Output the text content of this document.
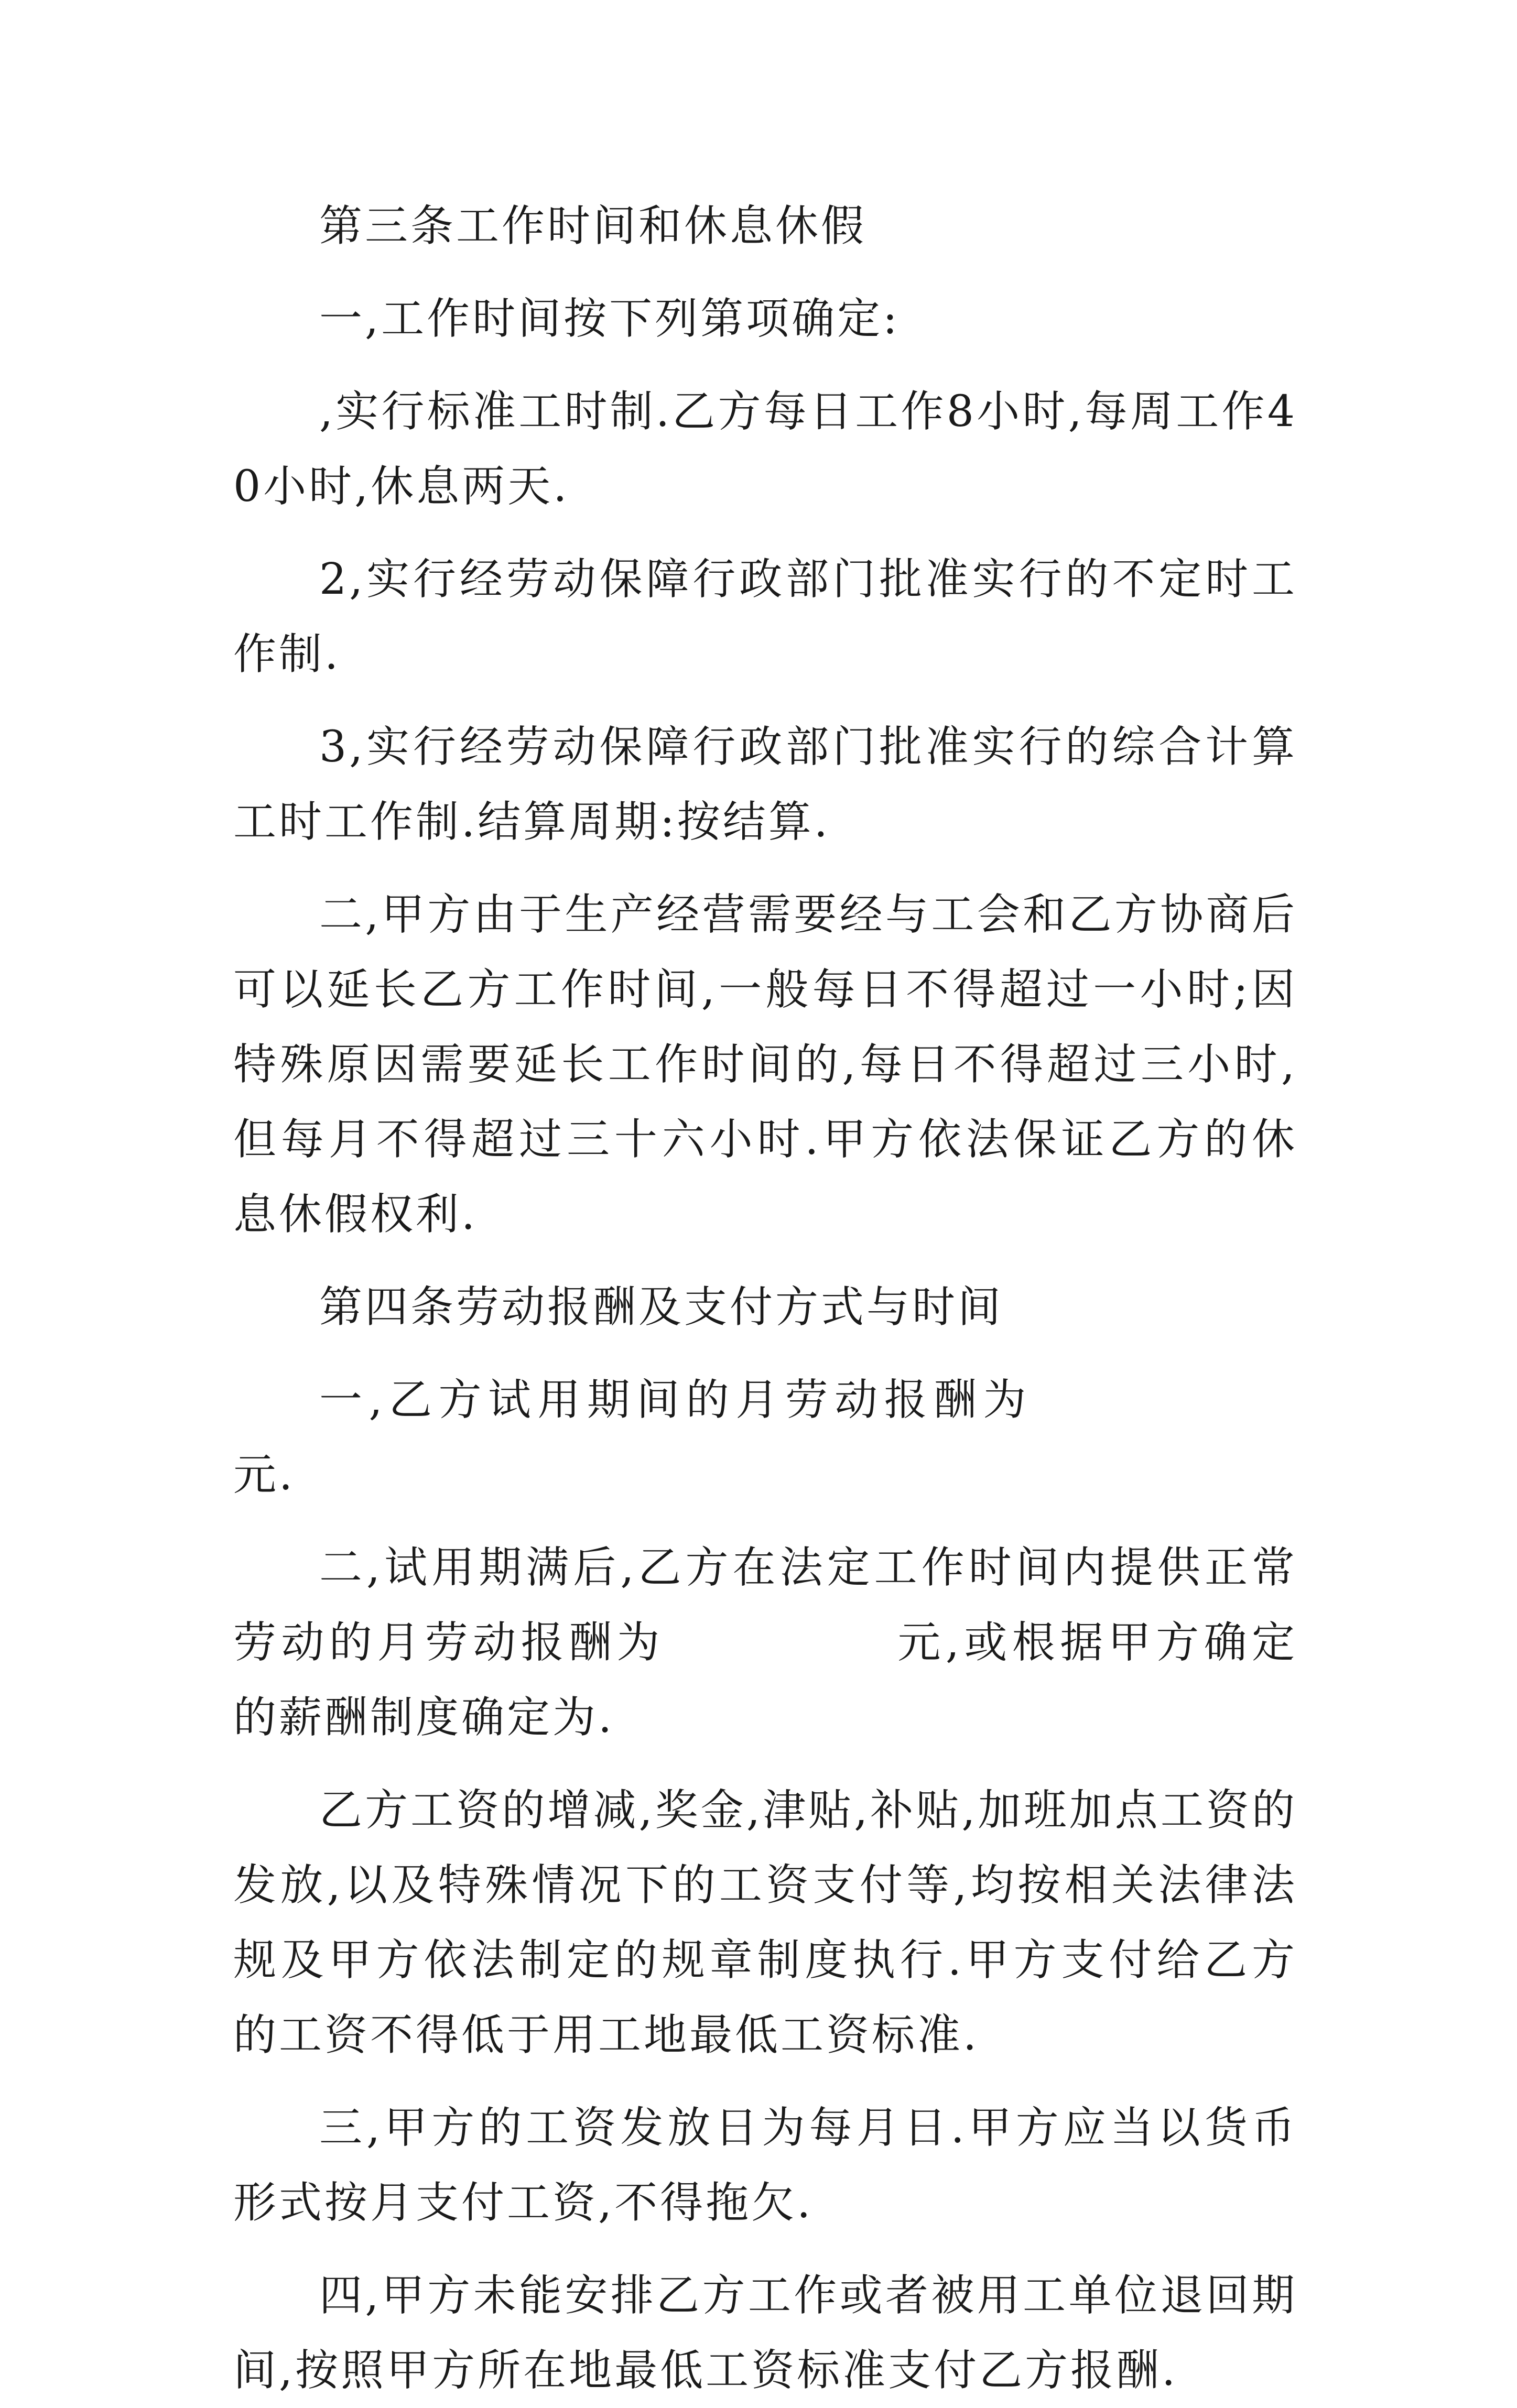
第三条工作时间和休息休假

一,工作时间按下列第项确定:

,实行标准工时制.乙方每日工作8小时,每周工作40小时,休息两天.

2,实行经劳动保障行政部门批准实行的不定时工作制.

3,实行经劳动保障行政部门批准实行的综合计算工时工作制.结算周期:按结算.

二,甲方由于生产经营需要经与工会和乙方协商后可以延长乙方工作时间,一般每日不得超过一小时;因特殊原因需要延长工作时间的,每日不得超过三小时,但每月不得超过三十六小时.甲方依法保证乙方的休息休假权利.

第四条劳动报酬及支付方式与时间

一,乙方试用期间的月劳动报酬为元.

二,试用期满后,乙方在法定工作时间内提供正常劳动的月劳动报酬为	元,或根据甲方确定的薪酬制度确定为.

乙方工资的增减,奖金,津贴,补贴,加班加点工资的发放,以及特殊情况下的工资支付等,均按相关法律法规及甲方依法制定的规章制度执行.甲方支付给乙方的工资不得低于用工地最低工资标准.

三,甲方的工资发放日为每月日.甲方应当以货币形式按月支付工资,不得拖欠.

四,甲方未能安排乙方工作或者被用工单位退回期间,按照甲方所在地最低工资标准支付乙方报酬.
